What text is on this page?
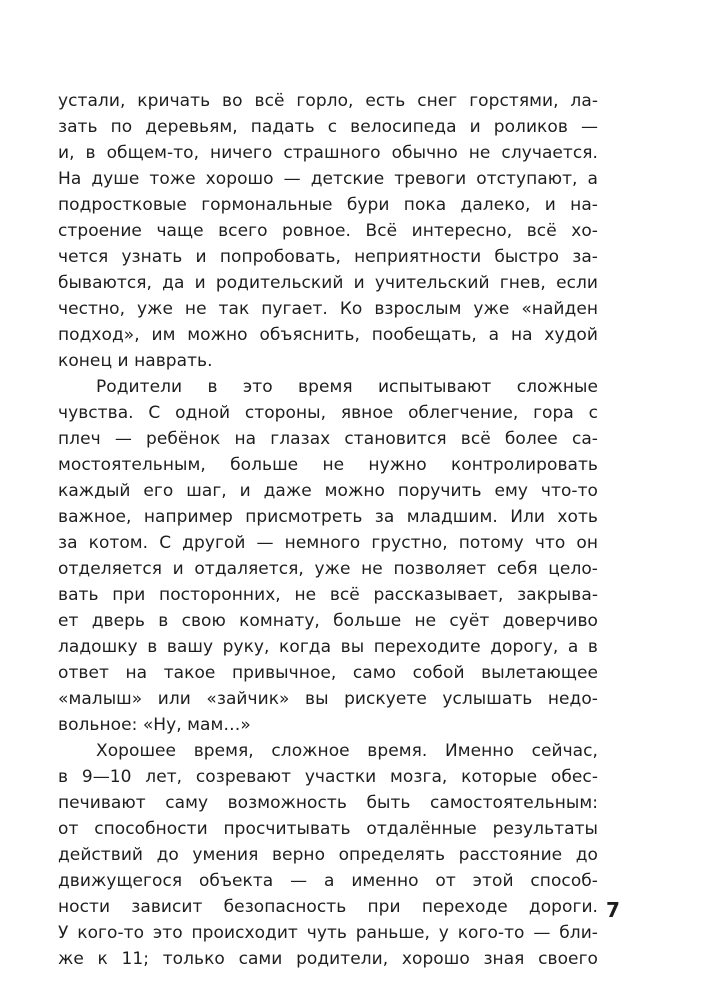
устали, кричать во всё горло, есть снег горстями, ла-
зать по деревьям, падать с велосипеда и роликов —
и, в общем-то, ничего страшного обычно не случается.
На душе тоже хорошо — детские тревоги отступают, а
подростковые гормональные бури пока далеко, и на-
строение чаще всего ровное. Всё интересно, всё хо-
чется узнать и попробовать, неприятности быстро за-
бываются, да и родительский и учительский гнев, если
честно, уже не так пугает. Ко взрослым уже «найден
подход», им можно объяснить, пообещать, а на худой
конец и наврать.
Родители в это время испытывают сложные
чувства. С одной стороны, явное облегчение, гора с
плеч — ребёнок на глазах становится всё более са-
мостоятельным, больше не нужно контролировать
каждый его шаг, и даже можно поручить ему что-то
важное, например присмотреть за младшим. Или хоть
за котом. С другой — немного грустно, потому что он
отделяется и отдаляется, уже не позволяет себя цело-
вать при посторонних, не всё рассказывает, закрыва-
ет дверь в свою комнату, больше не суёт доверчиво
ладошку в вашу руку, когда вы переходите дорогу, а в
ответ на такое привычное, само собой вылетающее
«малыш» или «зайчик» вы рискуете услышать недо-
вольное: «Ну, мам…»
Хорошее время, сложное время. Именно сейчас,
в 9—10 лет, созревают участки мозга, которые обес-
печивают саму возможность быть самостоятельным:
от способности просчитывать отдалённые результаты
действий до умения верно определять расстояние до
движущегося объекта — а именно от этой способ-
ности зависит безопасность при переходе дороги.
У кого-то это происходит чуть раньше, у кого-то — бли-
же к 11; только сами родители, хорошо зная своего
7
